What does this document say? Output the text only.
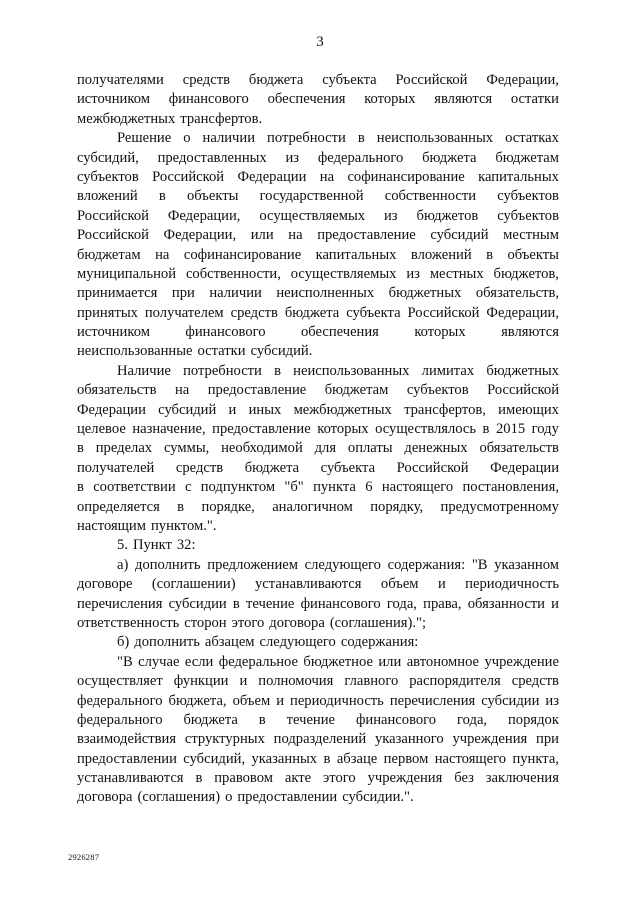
3
получателями средств бюджета субъекта Российской Федерации,
источником финансового обеспечения которых являются остатки
межбюджетных трансфертов.
Решение о наличии потребности в неиспользованных остатках
субсидий, предоставленных из федерального бюджета бюджетам
субъектов Российской Федерации на софинансирование капитальных
вложений в объекты государственной собственности субъектов
Российской Федерации, осуществляемых из бюджетов субъектов
Российской Федерации, или на предоставление субсидий местным
бюджетам на софинансирование капитальных вложений в объекты
муниципальной собственности, осуществляемых из местных бюджетов,
принимается при наличии неисполненных бюджетных обязательств,
принятых получателем средств бюджета субъекта Российской Федерации,
источником финансового обеспечения которых являются
неиспользованные остатки субсидий.
Наличие потребности в неиспользованных лимитах бюджетных
обязательств на предоставление бюджетам субъектов Российской
Федерации субсидий и иных межбюджетных трансфертов, имеющих
целевое назначение, предоставление которых осуществлялось в 2015 году
в пределах суммы, необходимой для оплаты денежных обязательств
получателей средств бюджета субъекта Российской Федерации
в соответствии с подпунктом "б" пункта 6 настоящего постановления,
определяется в порядке, аналогичном порядку, предусмотренному
настоящим пунктом.".
5. Пункт 32:
а) дополнить предложением следующего содержания: "В указанном
договоре (соглашении) устанавливаются объем и периодичность
перечисления субсидии в течение финансового года, права, обязанности и
ответственность сторон этого договора (соглашения).";
б) дополнить абзацем следующего содержания:
"В случае если федеральное бюджетное или автономное учреждение
осуществляет функции и полномочия главного распорядителя средств
федерального бюджета, объем и периодичность перечисления субсидии из
федерального бюджета в течение финансового года, порядок
взаимодействия структурных подразделений указанного учреждения при
предоставлении субсидий, указанных в абзаце первом настоящего пункта,
устанавливаются в правовом акте этого учреждения без заключения
договора (соглашения) о предоставлении субсидии.".
2926287
